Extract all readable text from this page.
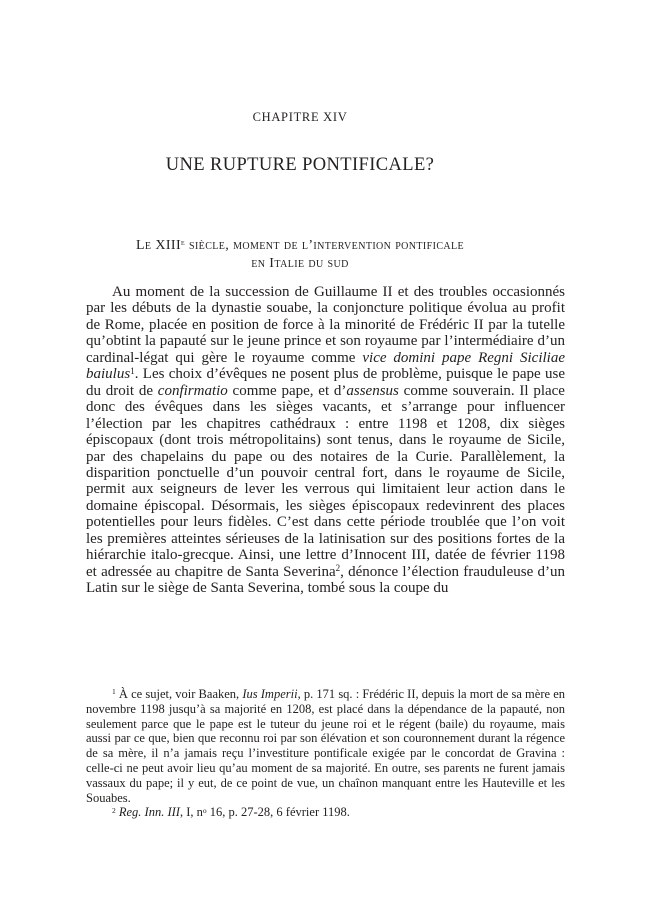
CHAPITRE XIV
UNE RUPTURE PONTIFICALE?
Le XIIIe siècle, moment de l’intervention pontificale
en Italie du sud
Au moment de la succession de Guillaume II et des troubles occasionnés par les débuts de la dynastie souabe, la conjoncture politique évolua au profit de Rome, placée en position de force à la minorité de Frédéric II par la tutelle qu’obtint la papauté sur le jeune prince et son royaume par l’intermédiaire d’un cardinal-légat qui gère le royaume comme vice domini pape Regni Siciliae baiulus$^1$. Les choix d’évêques ne posent plus de problème, puisque le pape use du droit de confirmatio comme pape, et d’assensus comme souverain. Il place donc des évêques dans les sièges vacants, et s’arrange pour influencer l’élection par les chapitres cathédraux : entre 1198 et 1208, dix sièges épiscopaux (dont trois métropolitains) sont tenus, dans le royaume de Sicile, par des chapelains du pape ou des notaires de la Curie. Parallèlement, la disparition ponctuelle d’un pouvoir central fort, dans le royaume de Sicile, permit aux seigneurs de lever les verrous qui limitaient leur action dans le domaine épiscopal. Désormais, les sièges épiscopaux redevinrent des places potentielles pour leurs fidèles. C’est dans cette période troublée que l’on voit les premières atteintes sérieuses de la latinisation sur des positions fortes de la hiérarchie italo-grecque. Ainsi, une lettre d’Innocent III, datée de février 1198 et adressée au chapitre de Santa Severina$^2$, dénonce l’élection frauduleuse d’un Latin sur le siège de Santa Severina, tombé sous la coupe du
$^1$ À ce sujet, voir Baaken, Ius Imperii, p. 171 sq. : Frédéric II, depuis la mort de sa mère en novembre 1198 jusqu’à sa majorité en 1208, est placé dans la dépendance de la papauté, non seulement parce que le pape est le tuteur du jeune roi et le régent (baile) du royaume, mais aussi par ce que, bien que reconnu roi par son élévation et son couronnement durant la régence de sa mère, il n’a jamais reçu l’investiture pontificale exigée par le concordat de Gravina : celle-ci ne peut avoir lieu qu’au moment de sa majorité. En outre, ses parents ne furent jamais vassaux du pape; il y eut, de ce point de vue, un chaînon manquant entre les Hauteville et les Souabes.
$^2$ Reg. Inn. III, I, $n^o$ 16, p. 27-28, 6 février 1198.
